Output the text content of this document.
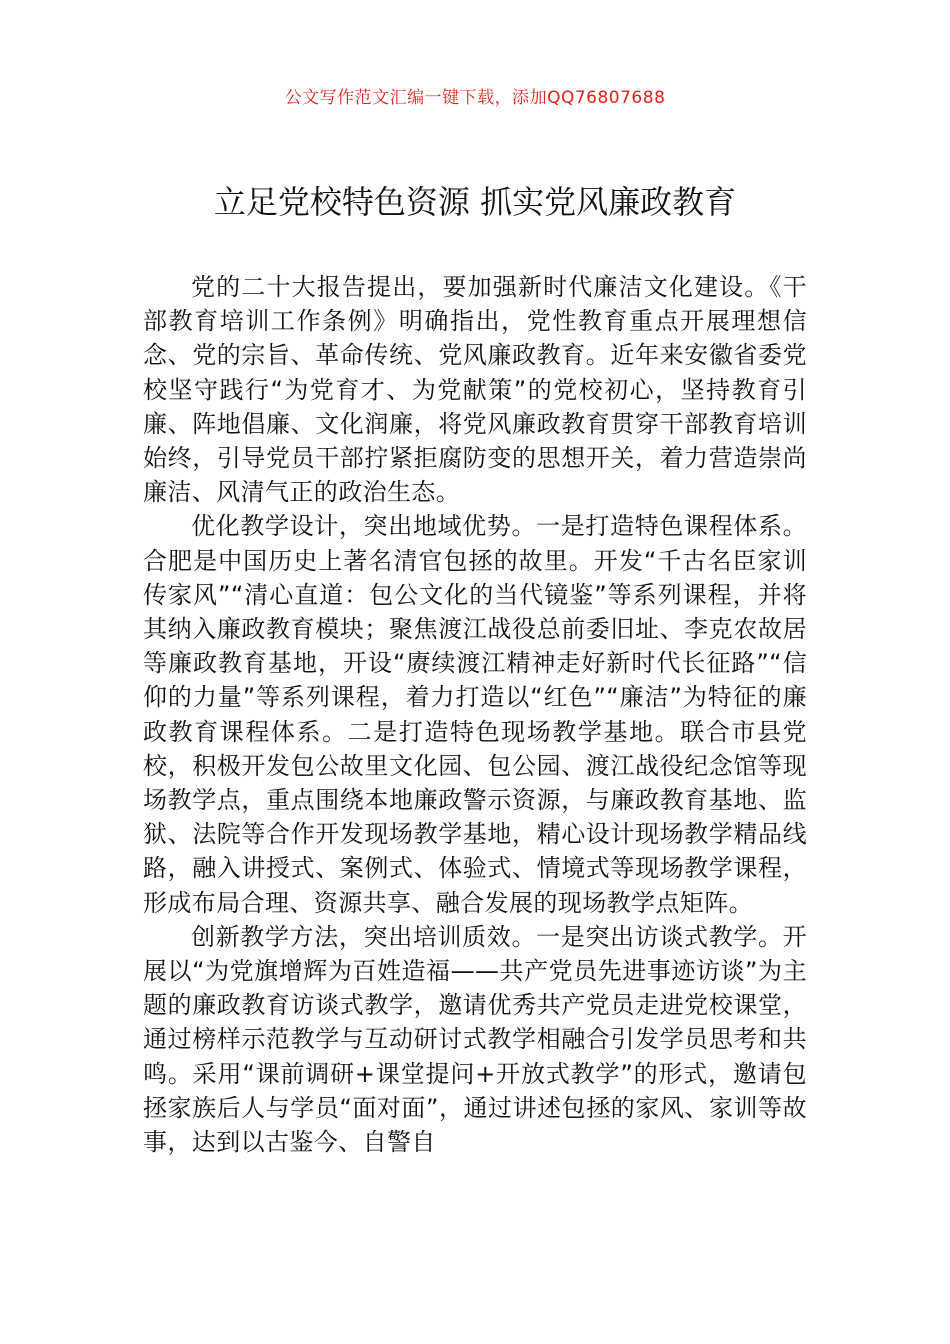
公文写作范文汇编一键下载，添加QQ76807688
立足党校特色资源 抓实党风廉政教育

党的二十大报告提出，要加强新时代廉洁文化建设。《干部教育培训工作条例》明确指出，党性教育重点开展理想信念、党的宗旨、革命传统、党风廉政教育。近年来安徽省委党校坚守践行“为党育才、为党献策”的党校初心，坚持教育引廉、阵地倡廉、文化润廉，将党风廉政教育贯穿干部教育培训始终，引导党员干部拧紧拒腐防变的思想开关，着力营造崇尚廉洁、风清气正的政治生态。

优化教学设计，突出地域优势。一是打造特色课程体系。合肥是中国历史上著名清官包拯的故里。开发“千古名臣家训传家风”“清心直道：包公文化的当代镜鉴”等系列课程，并将其纳入廉政教育模块；聚焦渡江战役总前委旧址、李克农故居等廉政教育基地，开设“赓续渡江精神走好新时代长征路”“信仰的力量”等系列课程，着力打造以“红色”“廉洁”为特征的廉政教育课程体系。二是打造特色现场教学基地。联合市县党校，积极开发包公故里文化园、包公园、渡江战役纪念馆等现场教学点，重点围绕本地廉政警示资源，与廉政教育基地、监狱、法院等合作开发现场教学基地，精心设计现场教学精品线路，融入讲授式、案例式、体验式、情境式等现场教学课程，形成布局合理、资源共享、融合发展的现场教学点矩阵。

创新教学方法，突出培训质效。一是突出访谈式教学。开展以“为党旗增辉为百姓造福——共产党员先进事迹访谈”为主题的廉政教育访谈式教学，邀请优秀共产党员走进党校课堂，通过榜样示范教学与互动研讨式教学相融合引发学员思考和共鸣。采用“课前调研+课堂提问+开放式教学”的形式，邀请包拯家族后人与学员“面对面”，通过讲述包拯的家风、家训等故事，达到以古鉴今、自警自
